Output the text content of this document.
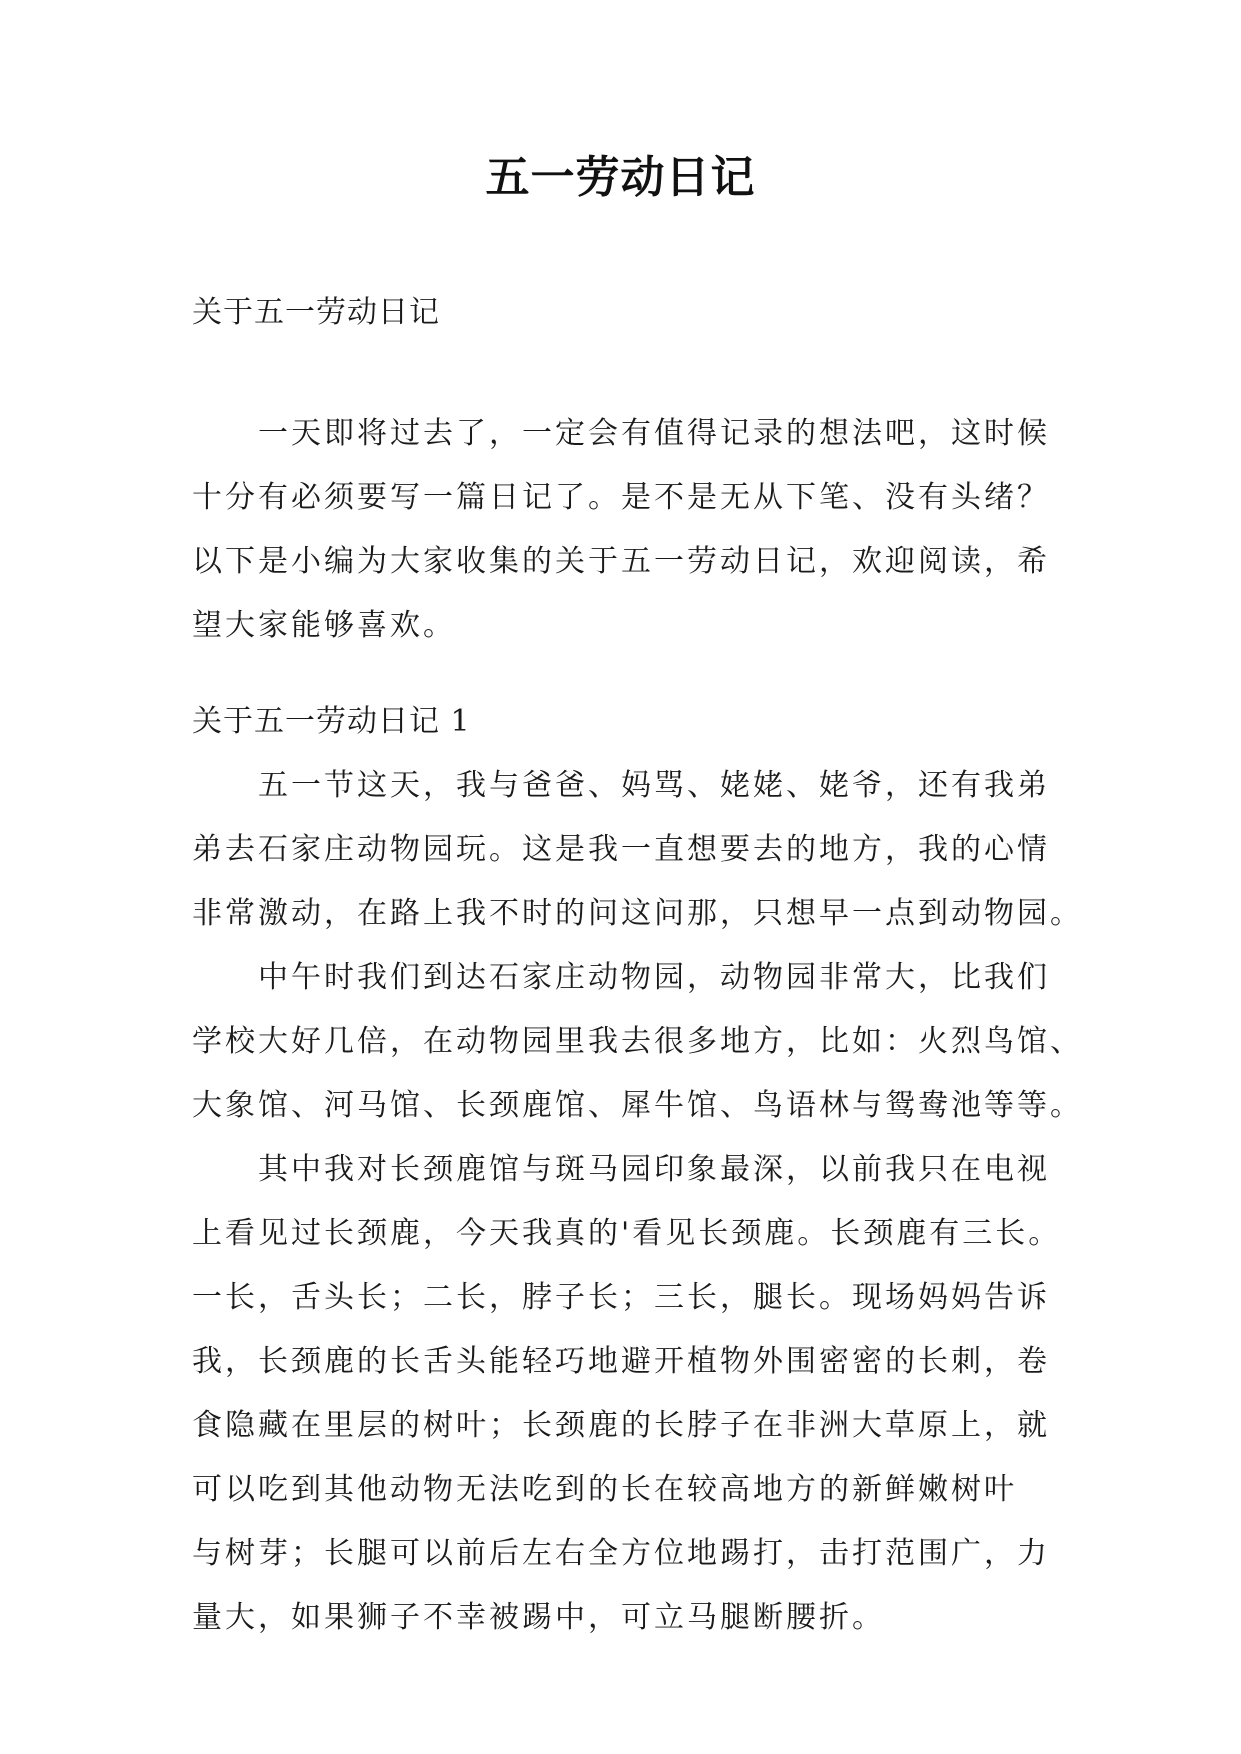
五一劳动日记
关于五一劳动日记
一天即将过去了，一定会有值得记录的想法吧，这时候
十分有必须要写一篇日记了。是不是无从下笔、没有头绪？
以下是小编为大家收集的关于五一劳动日记，欢迎阅读，希
望大家能够喜欢。
关于五一劳动日记 1
五一节这天，我与爸爸、妈骂、姥姥、姥爷，还有我弟
弟去石家庄动物园玩。这是我一直想要去的地方，我的心情
非常激动，在路上我不时的问这问那，只想早一点到动物园。
中午时我们到达石家庄动物园，动物园非常大，比我们
学校大好几倍，在动物园里我去很多地方，比如：火烈鸟馆、
大象馆、河马馆、长颈鹿馆、犀牛馆、鸟语林与鸳鸯池等等。
其中我对长颈鹿馆与斑马园印象最深，以前我只在电视
上看见过长颈鹿，今天我真的'看见长颈鹿。长颈鹿有三长。
一长，舌头长；二长，脖子长；三长，腿长。现场妈妈告诉
我，长颈鹿的长舌头能轻巧地避开植物外围密密的长刺，卷
食隐藏在里层的树叶；长颈鹿的长脖子在非洲大草原上，就
可以吃到其他动物无法吃到的长在较高地方的新鲜嫩树叶
与树芽；长腿可以前后左右全方位地踢打，击打范围广，力
量大，如果狮子不幸被踢中，可立马腿断腰折。
